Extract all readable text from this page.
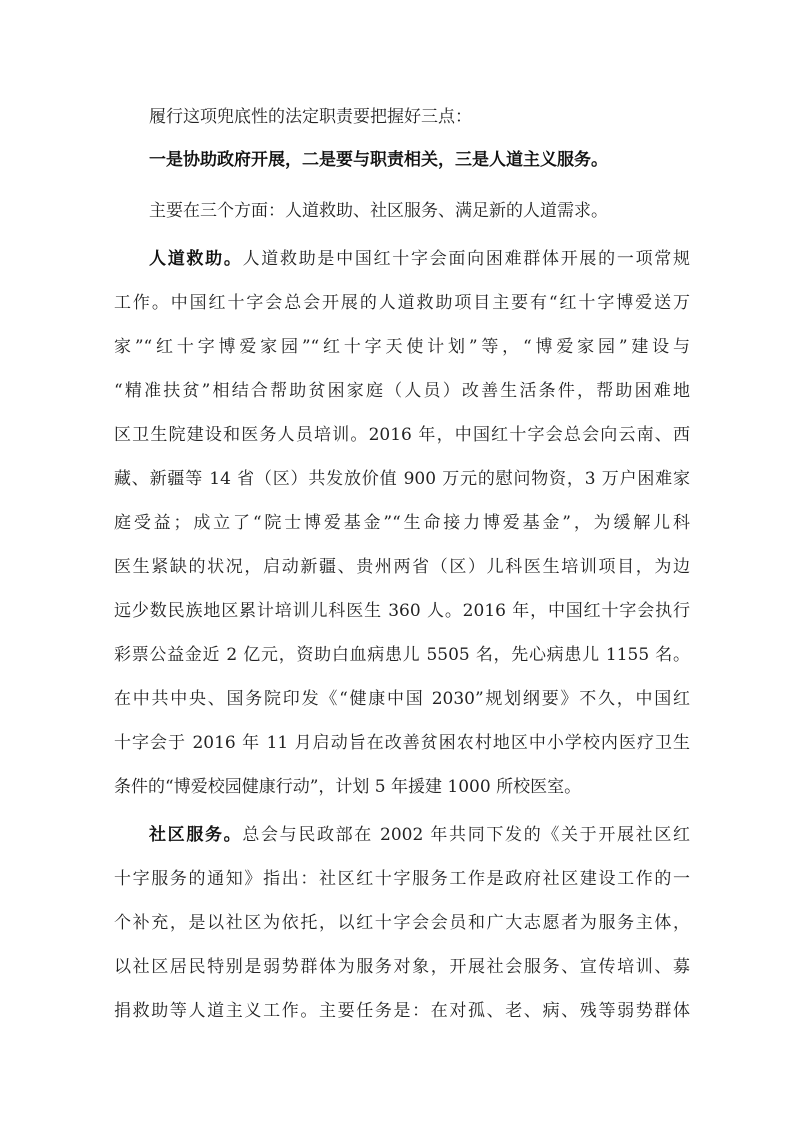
履行这项兜底性的法定职责要把握好三点：
一是协助政府开展，二是要与职责相关，三是人道主义服务。
主要在三个方面：人道救助、社区服务、满足新的人道需求。
人道救助。人道救助是中国红十字会面向困难群体开展的一项常规
工作。中国红十字会总会开展的人道救助项目主要有“红十字博爱送万
家”“红十字博爱家园”“红十字天使计划”等，“博爱家园”建设与
“精准扶贫”相结合帮助贫困家庭（人员）改善生活条件，帮助困难地
区卫生院建设和医务人员培训。2016 年，中国红十字会总会向云南、西
藏、新疆等 14 省（区）共发放价值 900 万元的慰问物资，3 万户困难家
庭受益；成立了“院士博爱基金”“生命接力博爱基金”，为缓解儿科
医生紧缺的状况，启动新疆、贵州两省（区）儿科医生培训项目，为边
远少数民族地区累计培训儿科医生 360 人。2016 年，中国红十字会执行
彩票公益金近 2 亿元，资助白血病患儿 5505 名，先心病患儿 1155 名。
在中共中央、国务院印发《“健康中国 2030”规划纲要》不久，中国红
十字会于 2016 年 11 月启动旨在改善贫困农村地区中小学校内医疗卫生
条件的“博爱校园健康行动”，计划 5 年援建 1000 所校医室。
社区服务。总会与民政部在 2002 年共同下发的《关于开展社区红
十字服务的通知》指出：社区红十字服务工作是政府社区建设工作的一
个补充，是以社区为依托，以红十字会会员和广大志愿者为服务主体，
以社区居民特别是弱势群体为服务对象，开展社会服务、宣传培训、募
捐救助等人道主义工作。主要任务是：在对孤、老、病、残等弱势群体
